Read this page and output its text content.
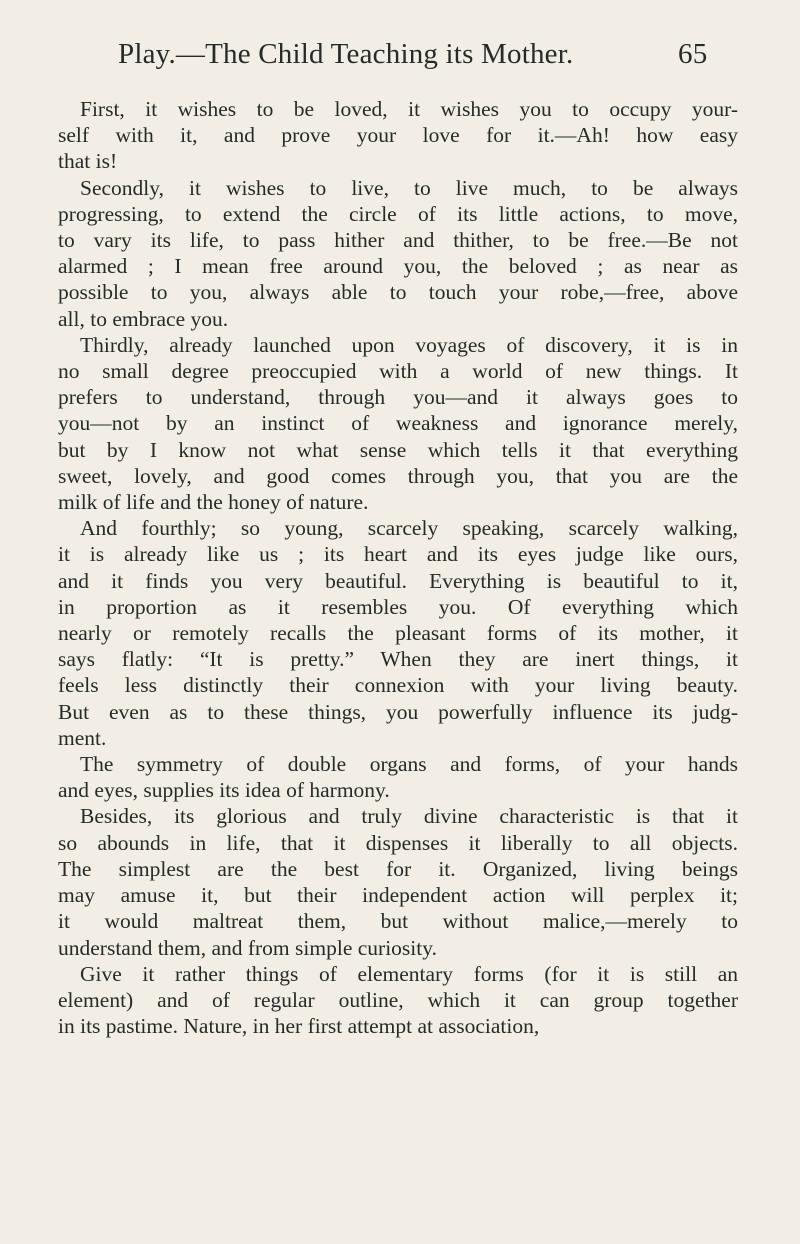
Play.—The Child Teaching its Mother.	65
First, it wishes to be loved, it wishes you to occupy your-
self with it, and prove your love for it.—Ah! how easy
that is!
Secondly, it wishes to live, to live much, to be always
progressing, to extend the circle of its little actions, to move,
to vary its life, to pass hither and thither, to be free.—Be not
alarmed ; I mean free around you, the beloved ; as near as
possible to you, always able to touch your robe,—free, above
all, to embrace you.
Thirdly, already launched upon voyages of discovery, it is in
no small degree preoccupied with a world of new things. It
prefers to understand, through you—and it always goes to
you—not by an instinct of weakness and ignorance merely,
but by I know not what sense which tells it that everything
sweet, lovely, and good comes through you, that you are the
milk of life and the honey of nature.
And fourthly; so young, scarcely speaking, scarcely walking,
it is already like us ; its heart and its eyes judge like ours,
and it finds you very beautiful. Everything is beautiful to it,
in proportion as it resembles you. Of everything which
nearly or remotely recalls the pleasant forms of its mother, it
says flatly: “It is pretty.” When they are inert things, it
feels less distinctly their connexion with your living beauty.
But even as to these things, you powerfully influence its judg-
ment.
The symmetry of double organs and forms, of your hands
and eyes, supplies its idea of harmony.
Besides, its glorious and truly divine characteristic is that it
so abounds in life, that it dispenses it liberally to all objects.
The simplest are the best for it. Organized, living beings
may amuse it, but their independent action will perplex it;
it would maltreat them, but without malice,—merely to
understand them, and from simple curiosity.
Give it rather things of elementary forms (for it is still an
element) and of regular outline, which it can group together
in its pastime. Nature, in her first attempt at association,
